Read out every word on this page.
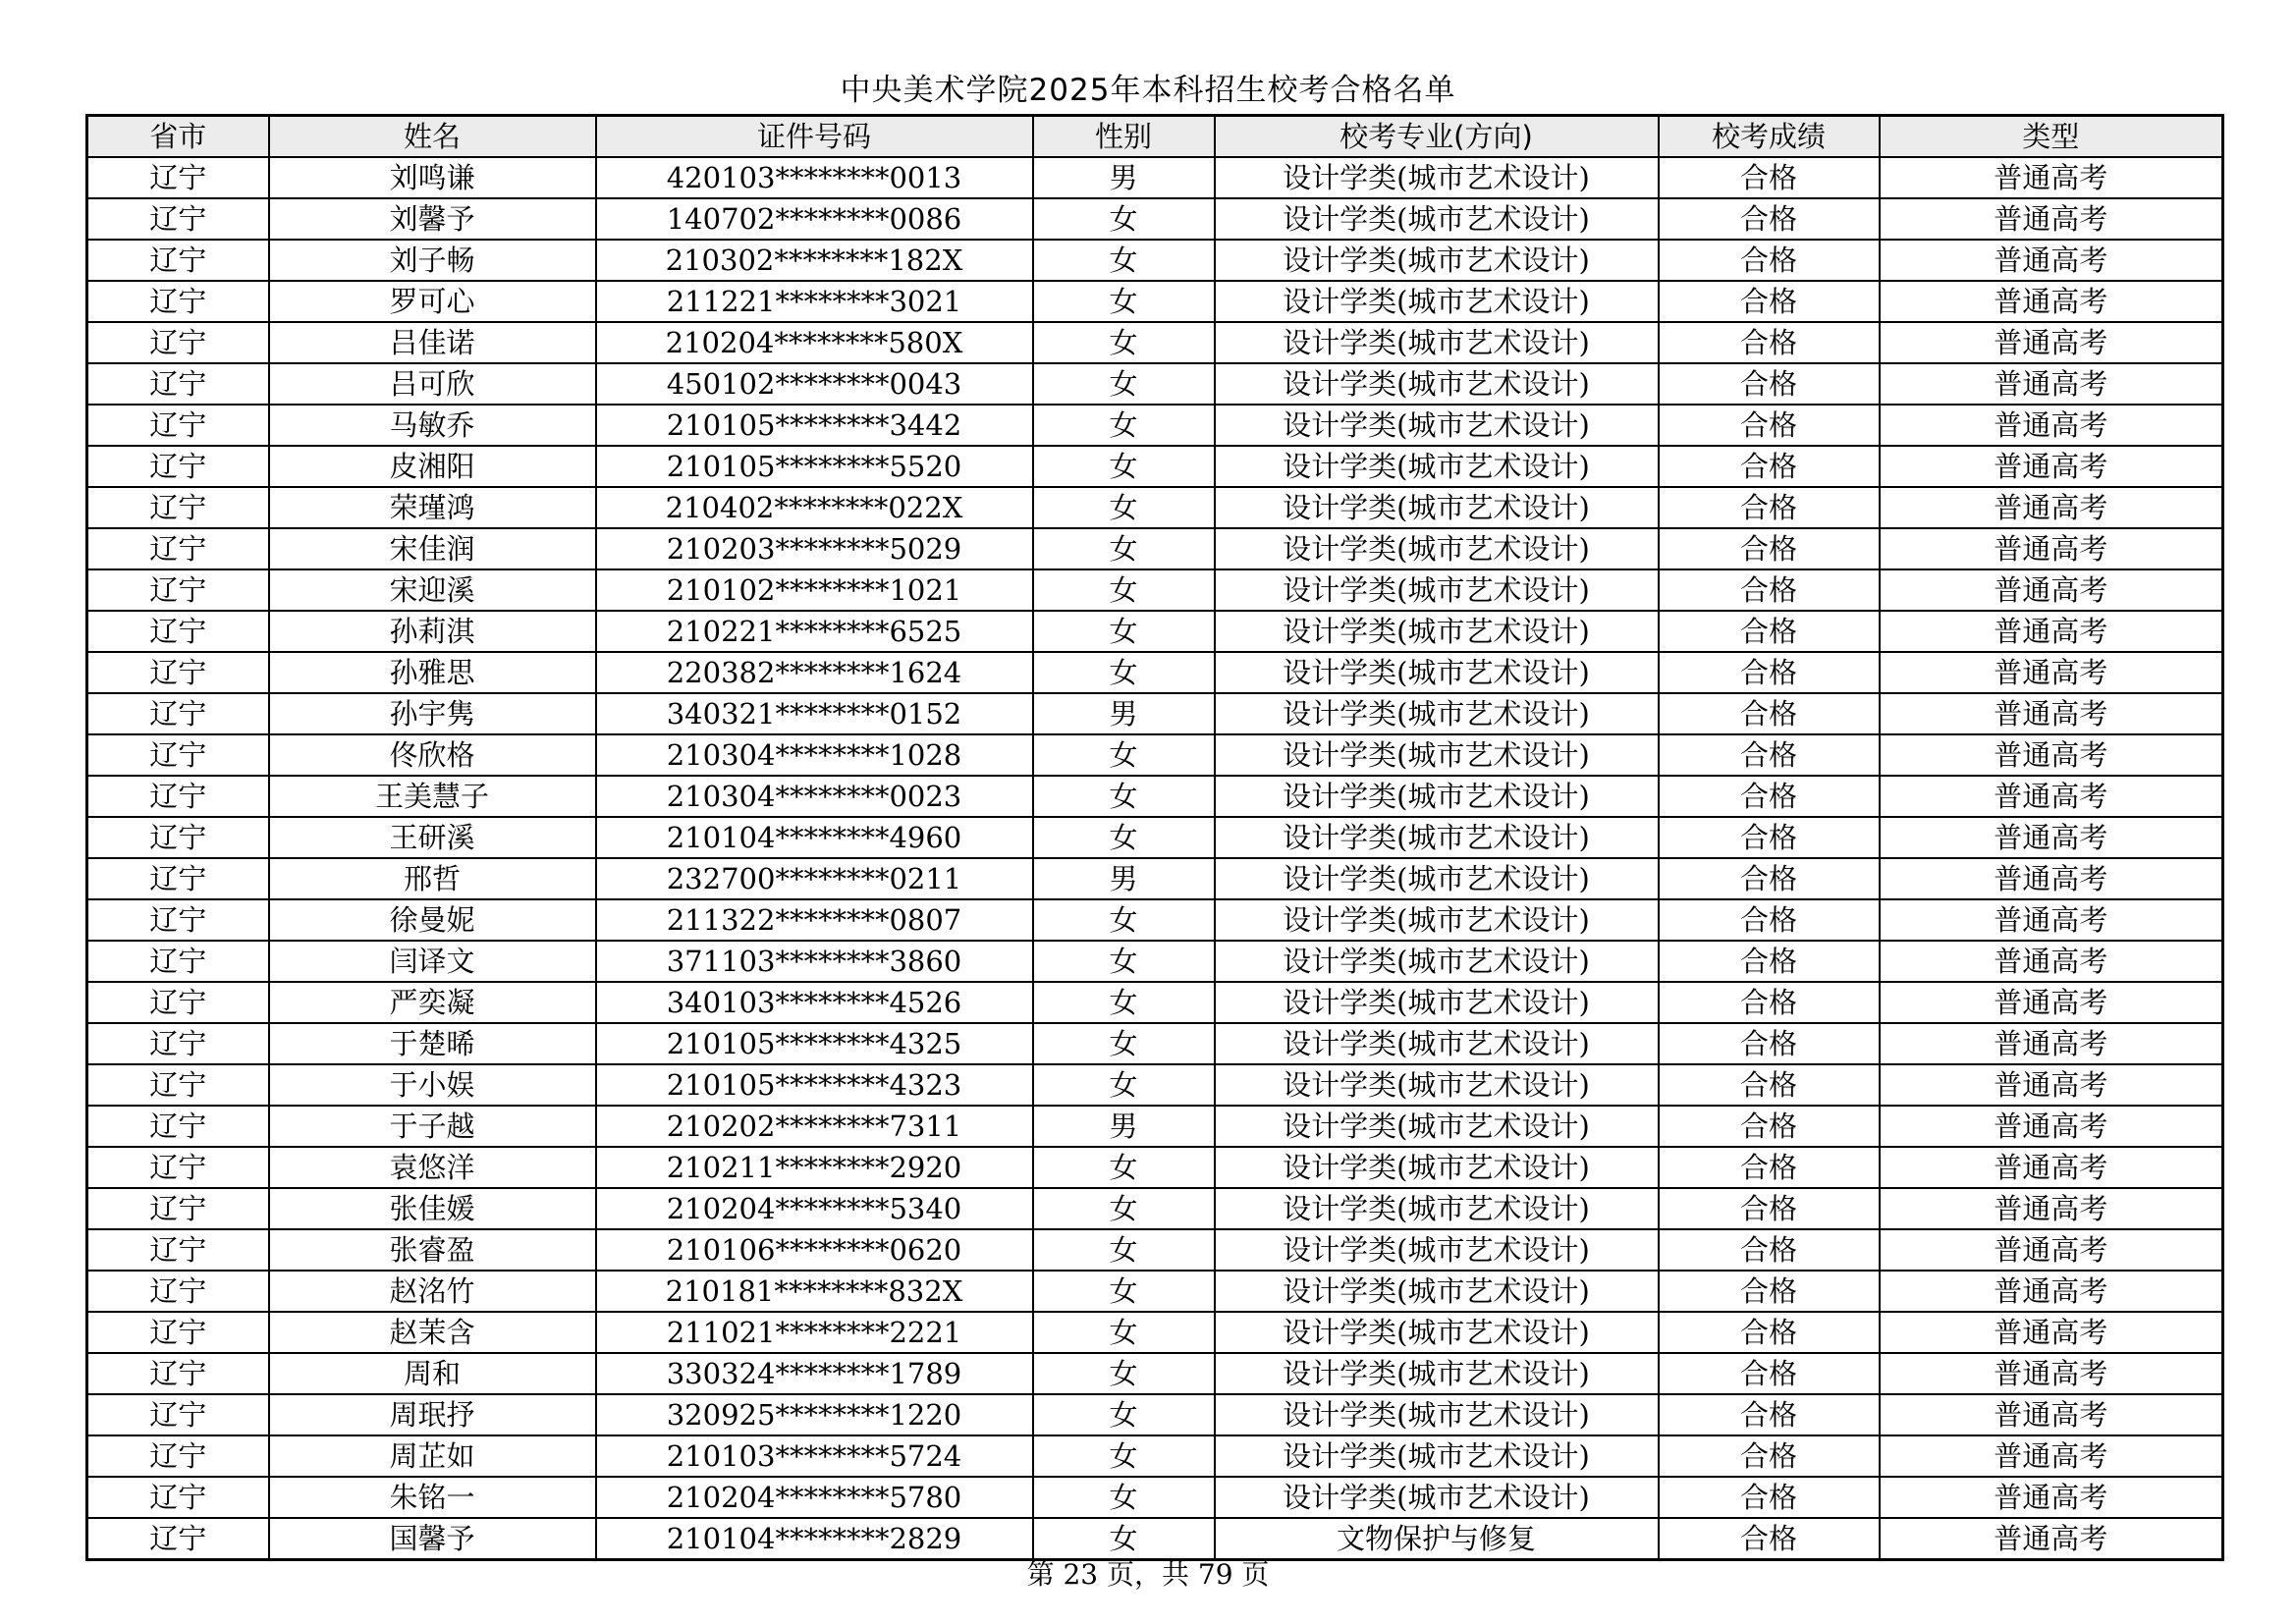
中央美术学院2025年本科招生校考合格名单
省市	姓名	证件号码	性别	校考专业(方向)	校考成绩	类型
辽宁	刘鸣谦	420103********0013	男	设计学类(城市艺术设计)	合格	普通高考
辽宁	刘馨予	140702********0086	女	设计学类(城市艺术设计)	合格	普通高考
辽宁	刘子畅	210302********182X	女	设计学类(城市艺术设计)	合格	普通高考
辽宁	罗可心	211221********3021	女	设计学类(城市艺术设计)	合格	普通高考
辽宁	吕佳诺	210204********580X	女	设计学类(城市艺术设计)	合格	普通高考
辽宁	吕可欣	450102********0043	女	设计学类(城市艺术设计)	合格	普通高考
辽宁	马敏乔	210105********3442	女	设计学类(城市艺术设计)	合格	普通高考
辽宁	皮湘阳	210105********5520	女	设计学类(城市艺术设计)	合格	普通高考
辽宁	荣瑾鸿	210402********022X	女	设计学类(城市艺术设计)	合格	普通高考
辽宁	宋佳润	210203********5029	女	设计学类(城市艺术设计)	合格	普通高考
辽宁	宋迎溪	210102********1021	女	设计学类(城市艺术设计)	合格	普通高考
辽宁	孙莉淇	210221********6525	女	设计学类(城市艺术设计)	合格	普通高考
辽宁	孙雅思	220382********1624	女	设计学类(城市艺术设计)	合格	普通高考
辽宁	孙宇隽	340321********0152	男	设计学类(城市艺术设计)	合格	普通高考
辽宁	佟欣格	210304********1028	女	设计学类(城市艺术设计)	合格	普通高考
辽宁	王美慧子	210304********0023	女	设计学类(城市艺术设计)	合格	普通高考
辽宁	王研溪	210104********4960	女	设计学类(城市艺术设计)	合格	普通高考
辽宁	邢哲	232700********0211	男	设计学类(城市艺术设计)	合格	普通高考
辽宁	徐曼妮	211322********0807	女	设计学类(城市艺术设计)	合格	普通高考
辽宁	闫译文	371103********3860	女	设计学类(城市艺术设计)	合格	普通高考
辽宁	严奕凝	340103********4526	女	设计学类(城市艺术设计)	合格	普通高考
辽宁	于楚晞	210105********4325	女	设计学类(城市艺术设计)	合格	普通高考
辽宁	于小娱	210105********4323	女	设计学类(城市艺术设计)	合格	普通高考
辽宁	于子越	210202********7311	男	设计学类(城市艺术设计)	合格	普通高考
辽宁	袁悠洋	210211********2920	女	设计学类(城市艺术设计)	合格	普通高考
辽宁	张佳媛	210204********5340	女	设计学类(城市艺术设计)	合格	普通高考
辽宁	张睿盈	210106********0620	女	设计学类(城市艺术设计)	合格	普通高考
辽宁	赵洺竹	210181********832X	女	设计学类(城市艺术设计)	合格	普通高考
辽宁	赵茉含	211021********2221	女	设计学类(城市艺术设计)	合格	普通高考
辽宁	周和	330324********1789	女	设计学类(城市艺术设计)	合格	普通高考
辽宁	周珉抒	320925********1220	女	设计学类(城市艺术设计)	合格	普通高考
辽宁	周芷如	210103********5724	女	设计学类(城市艺术设计)	合格	普通高考
辽宁	朱铭一	210204********5780	女	设计学类(城市艺术设计)	合格	普通高考
辽宁	国馨予	210104********2829	女	文物保护与修复	合格	普通高考
第 23 页，共 79 页
